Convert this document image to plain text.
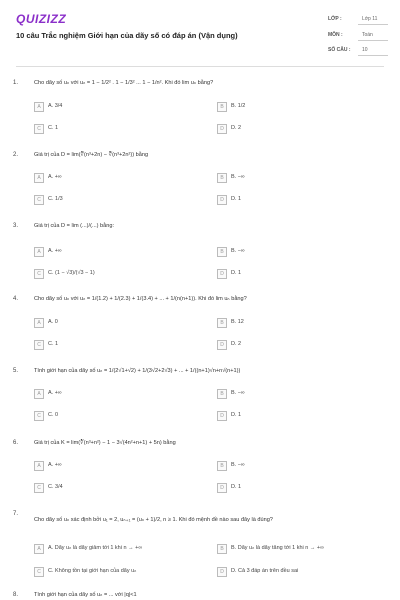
QUIZIZZ
10 câu Trắc nghiệm Giới hạn của dãy số có đáp án (Vận dụng)
LỚP :	Lớp 11
MÔN :	Toán
SỐ CÂU : 10
1.	Cho dãy số uₙ với uₙ = 1 − 1/2² . 1 − 1/3² ... 1 − 1/n². Khi đó lim uₙ bằng?
A	A. 3/4	B	B. 1/2
C	C. 1	D	D. 2
2.	Giá trị của D = lim(∛(n³+2n) − ∛(n³+2n²)) bằng
A	A. +∞	B	B. −∞
C	C. 1/3	D	D. 1
3.	Giá trị của D = lim (...)/(...) bằng:
A	A. +∞	B	B. −∞
C	C. (1 − √3)/(√3 − 1)	D	D. 1
4.	Cho dãy số uₙ với uₙ = 1/(1.2) + 1/(2.3) + 1/(3.4) + ... + 1/(n(n+1)). Khi đó lim uₙ bằng?
A	A. 0	B	B. 12
C	C. 1	D	D. 2
5.	Tính giới hạn của dãy số uₙ = 1/(2√1+√2) + 1/(3√2+2√3) + ... + 1/((n+1)√n+n√(n+1))
A	A. +∞	B	B. −∞
C	C. 0	D	D. 1
6.	Giá trị của K = lim(∛(n³+n²) − 1 − 3√(4n²+n+1) + 5n) bằng
A	A. +∞	B	B. −∞
C	C. 3/4	D	D. 1
7.
Cho dãy số uₙ xác định bởi u₁ = 2, uₙ₊₁ = (uₙ + 1)/2, n ≥ 1. Khi đó mệnh đề nào sau đây là đúng?
A	A. Dãy uₙ là dãy giảm tới 1 khi n → +∞	B	B. Dãy uₙ là dãy tăng tới 1 khi n → +∞
C	C. Không tồn tại giới hạn của dãy uₙ	D	D. Cả 3 đáp án trên đều sai
8.	Tính giới hạn của dãy số uₙ = ... với |q|<1
